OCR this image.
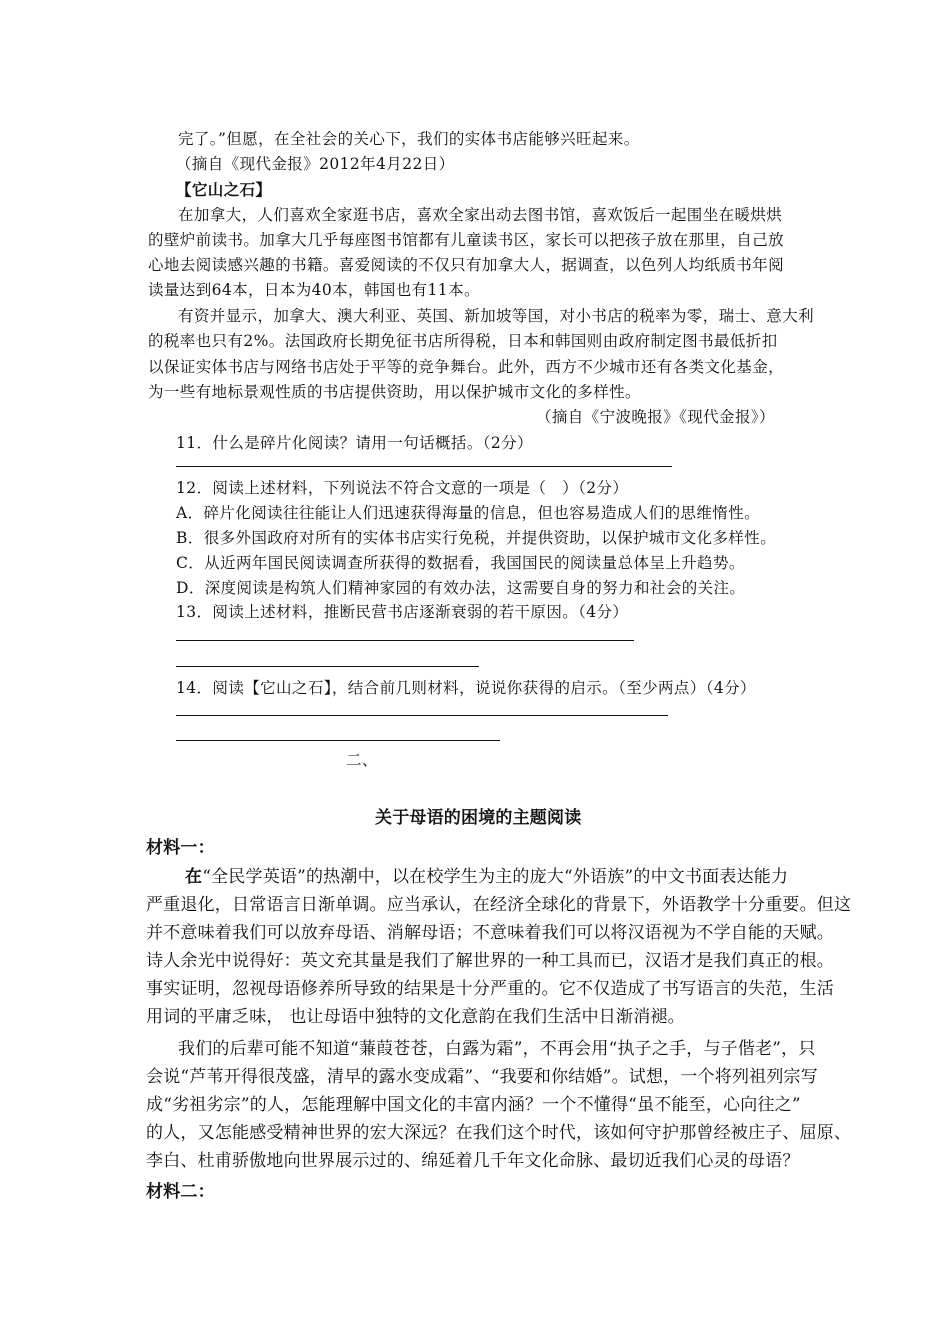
完了。”但愿，在全社会的关心下，我们的实体书店能够兴旺起来。
（摘自《现代金报》2012年4月22日）
【它山之石】
在加拿大，人们喜欢全家逛书店，喜欢全家出动去图书馆，喜欢饭后一起围坐在暖烘烘
的壁炉前读书。加拿大几乎每座图书馆都有儿童读书区，家长可以把孩子放在那里，自己放
心地去阅读感兴趣的书籍。喜爱阅读的不仅只有加拿大人，据调查，以色列人均纸质书年阅
读量达到64本，日本为40本，韩国也有11本。
有资并显示，加拿大、澳大利亚、英国、新加坡等国，对小书店的税率为零，瑞士、意大利
的税率也只有2%。法国政府长期免征书店所得税，日本和韩国则由政府制定图书最低折扣
以保证实体书店与网络书店处于平等的竞争舞台。此外，西方不少城市还有各类文化基金，
为一些有地标景观性质的书店提供资助，用以保护城市文化的多样性。
（摘自《宁波晚报》《现代金报》）
11．什么是碎片化阅读？请用一句话概括。（2分）
12．阅读上述材料，下列说法不符合文意的一项是（　）（2分）
A．碎片化阅读往往能让人们迅速获得海量的信息，但也容易造成人们的思维惰性。
B．很多外国政府对所有的实体书店实行免税，并提供资助，以保护城市文化多样性。
C．从近两年国民阅读调查所获得的数据看，我国国民的阅读量总体呈上升趋势。
D．深度阅读是构筑人们精神家园的有效办法，这需要自身的努力和社会的关注。
13．阅读上述材料，推断民营书店逐渐衰弱的若干原因。（4分）
14．阅读【它山之石】，结合前几则材料，说说你获得的启示。（至少两点）（4分）
二、
关于母语的困境的主题阅读
材料一：
在“全民学英语”的热潮中，以在校学生为主的庞大“外语族”的中文书面表达能力
严重退化，日常语言日渐单调。应当承认，在经济全球化的背景下，外语教学十分重要。但这
并不意味着我们可以放弃母语、消解母语；不意味着我们可以将汉语视为不学自能的天赋。
诗人余光中说得好：英文充其量是我们了解世界的一种工具而已，汉语才是我们真正的根。
事实证明，忽视母语修养所导致的结果是十分严重的。它不仅造成了书写语言的失范，生活
用词的平庸乏味， 也让母语中独特的文化意韵在我们生活中日渐消褪。
我们的后辈可能不知道“蒹葭苍苍，白露为霜”，不再会用“执子之手，与子偕老”，只
会说“芦苇开得很茂盛，清早的露水变成霜”、“我要和你结婚”。试想，一个将列祖列宗写
成“劣祖劣宗”的人，怎能理解中国文化的丰富内涵？一个不懂得“虽不能至，心向往之”
的人，又怎能感受精神世界的宏大深远？在我们这个时代，该如何守护那曾经被庄子、屈原、
李白、杜甫骄傲地向世界展示过的、绵延着几千年文化命脉、最切近我们心灵的母语？
材料二：
